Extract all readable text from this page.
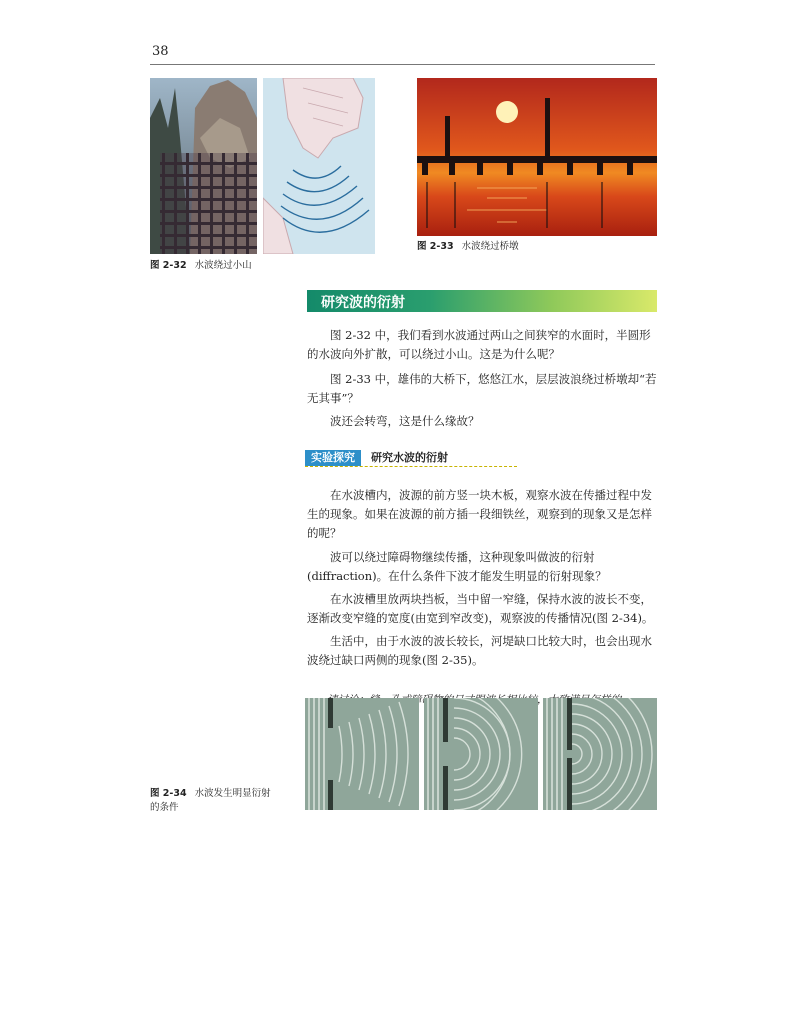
38
图 2-32 水波绕过小山
图 2-33 水波绕过桥墩
研究波的衍射

图 2-32 中，我们看到水波通过两山之间狭窄的水面时，半圆形的水波向外扩散，可以绕过小山。这是为什么呢？

图 2-33 中，雄伟的大桥下，悠悠江水，层层波浪绕过桥墩却“若无其事”？

波还会转弯，这是什么缘故？

实验探究	研究水波的衍射

在水波槽内，波源的前方竖一块木板，观察水波在传播过程中发生的现象。如果在波源的前方插一段细铁丝，观察到的现象又是怎样的呢？

波可以绕过障碍物继续传播，这种现象叫做波的衍射(diffraction)。在什么条件下波才能发生明显的衍射现象？

在水波槽里放两块挡板，当中留一窄缝，保持水波的波长不变，逐渐改变窄缝的宽度(由宽到窄改变)，观察波的传播情况(图 2-34)。

生活中，由于水波的波长较长，河堤缺口比较大时，也会出现水波绕过缺口两侧的现象(图 2-35)。

图 2-34 水波发生明显衍射
的条件
